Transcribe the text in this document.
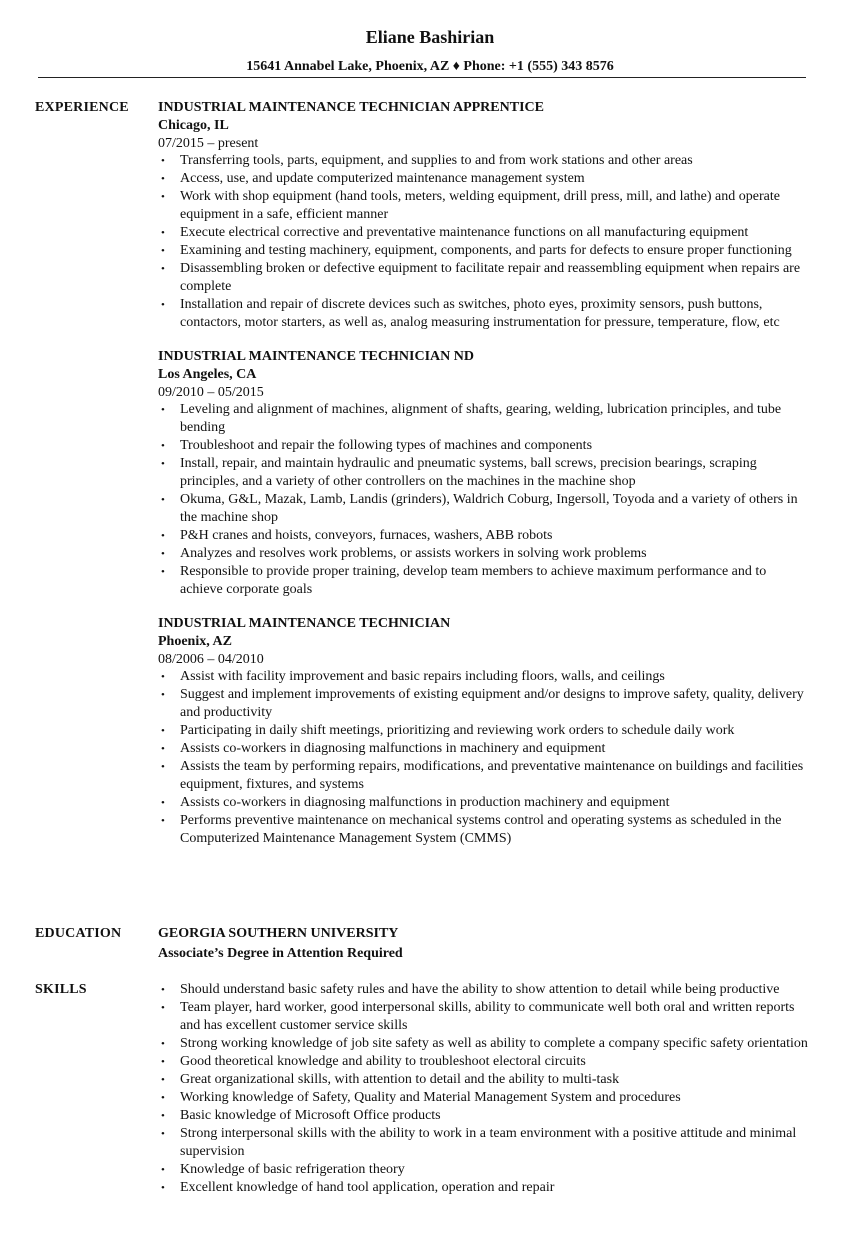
Eliane Bashirian
15641 Annabel Lake, Phoenix, AZ ♦ Phone: +1 (555) 343 8576
EXPERIENCE INDUSTRIAL MAINTENANCE TECHNICIAN APPRENTICE
Chicago, IL
07/2015 – present
• Transferring tools, parts, equipment, and supplies to and from work stations and other areas
• Access, use, and update computerized maintenance management system
• Work with shop equipment (hand tools, meters, welding equipment, drill press, mill, and lathe) and operate equipment in a safe, efficient manner
• Execute electrical corrective and preventative maintenance functions on all manufacturing equipment
• Examining and testing machinery, equipment, components, and parts for defects to ensure proper functioning
• Disassembling broken or defective equipment to facilitate repair and reassembling equipment when repairs are complete
• Installation and repair of discrete devices such as switches, photo eyes, proximity sensors, push buttons, contactors, motor starters, as well as, analog measuring instrumentation for pressure, temperature, flow, etc
INDUSTRIAL MAINTENANCE TECHNICIAN ND
Los Angeles, CA
09/2010 – 05/2015
• Leveling and alignment of machines, alignment of shafts, gearing, welding, lubrication principles, and tube bending
• Troubleshoot and repair the following types of machines and components
• Install, repair, and maintain hydraulic and pneumatic systems, ball screws, precision bearings, scraping principles, and a variety of other controllers on the machines in the machine shop
• Okuma, G&L, Mazak, Lamb, Landis (grinders), Waldrich Coburg, Ingersoll, Toyoda and a variety of others in the machine shop
• P&H cranes and hoists, conveyors, furnaces, washers, ABB robots
• Analyzes and resolves work problems, or assists workers in solving work problems
• Responsible to provide proper training, develop team members to achieve maximum performance and to achieve corporate goals
INDUSTRIAL MAINTENANCE TECHNICIAN
Phoenix, AZ
08/2006 – 04/2010
• Assist with facility improvement and basic repairs including floors, walls, and ceilings
• Suggest and implement improvements of existing equipment and/or designs to improve safety, quality, delivery and productivity
• Participating in daily shift meetings, prioritizing and reviewing work orders to schedule daily work
• Assists co-workers in diagnosing malfunctions in machinery and equipment
• Assists the team by performing repairs, modifications, and preventative maintenance on buildings and facilities equipment, fixtures, and systems
• Assists co-workers in diagnosing malfunctions in production machinery and equipment
• Performs preventive maintenance on mechanical systems control and operating systems as scheduled in the Computerized Maintenance Management System (CMMS)
EDUCATION	GEORGIA SOUTHERN UNIVERSITY
Associate’s Degree in Attention Required
SKILLS	• Should understand basic safety rules and have the ability to show attention to detail while being productive
• Team player, hard worker, good interpersonal skills, ability to communicate well both oral and written reports and has excellent customer service skills
• Strong working knowledge of job site safety as well as ability to complete a company specific safety orientation
• Good theoretical knowledge and ability to troubleshoot electoral circuits
• Great organizational skills, with attention to detail and the ability to multi-task
• Working knowledge of Safety, Quality and Material Management System and procedures
• Basic knowledge of Microsoft Office products
• Strong interpersonal skills with the ability to work in a team environment with a positive attitude and minimal supervision
• Knowledge of basic refrigeration theory
• Excellent knowledge of hand tool application, operation and repair
